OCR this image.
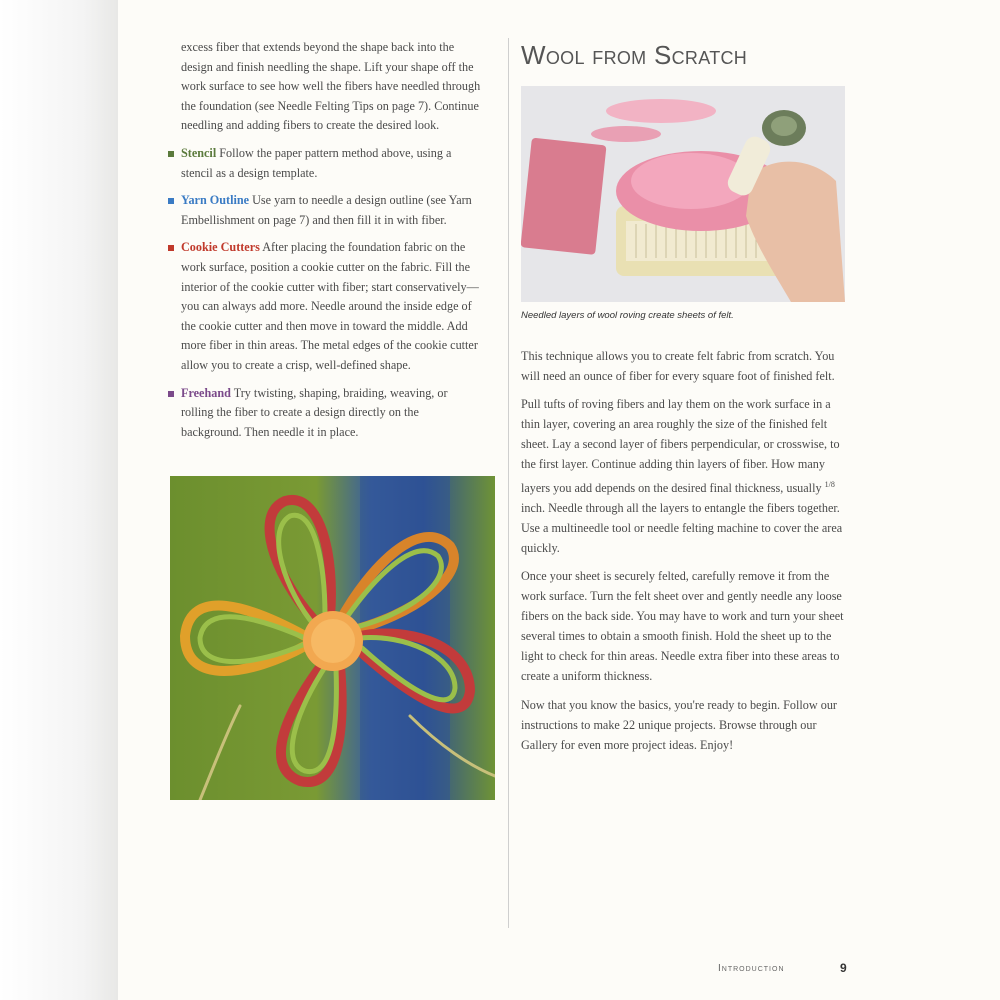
excess fiber that extends beyond the shape back into the design and finish needling the shape. Lift your shape off the work surface to see how well the fibers have needled through the foundation (see Needle Felting Tips on page 7). Continue needling and adding fibers to create the desired look.

Stencil Follow the paper pattern method above, using a stencil as a design template.
Yarn Outline Use yarn to needle a design outline (see Yarn Embellishment on page 7) and then fill it in with fiber.
Cookie Cutters After placing the foundation fabric on the work surface, position a cookie cutter on the fabric. Fill the interior of the cookie cutter with fiber; start conservatively—you can always add more. Needle around the inside edge of the cookie cutter and then move in toward the middle. Add more fiber in thin areas. The metal edges of the cookie cutter allow you to create a crisp, well-defined shape.
Freehand Try twisting, shaping, braiding, weaving, or rolling the fiber to create a design directly on the background. Then needle it in place.
Wool from Scratch
Needled layers of wool roving create sheets of felt.

This technique allows you to create felt fabric from scratch. You will need an ounce of fiber for every square foot of finished felt.

Pull tufts of roving fibers and lay them on the work surface in a thin layer, covering an area roughly the size of the finished felt sheet. Lay a second layer of fibers perpendicular, or crosswise, to the first layer. Continue adding thin layers of fiber. How many layers you add depends on the desired final thickness, usually $^{1/8}$ inch. Needle through all the layers to entangle the fibers together. Use a multineedle tool or needle felting machine to cover the area quickly.

Once your sheet is securely felted, carefully remove it from the work surface. Turn the felt sheet over and gently needle any loose fibers on the back side. You may have to work and turn your sheet several times to obtain a smooth finish. Hold the sheet up to the light to check for thin areas. Needle extra fiber into these areas to create a uniform thickness.

Now that you know the basics, you're ready to begin. Follow our instructions to make 22 unique projects. Browse through our Gallery for even more project ideas. Enjoy!

Introduction	9
